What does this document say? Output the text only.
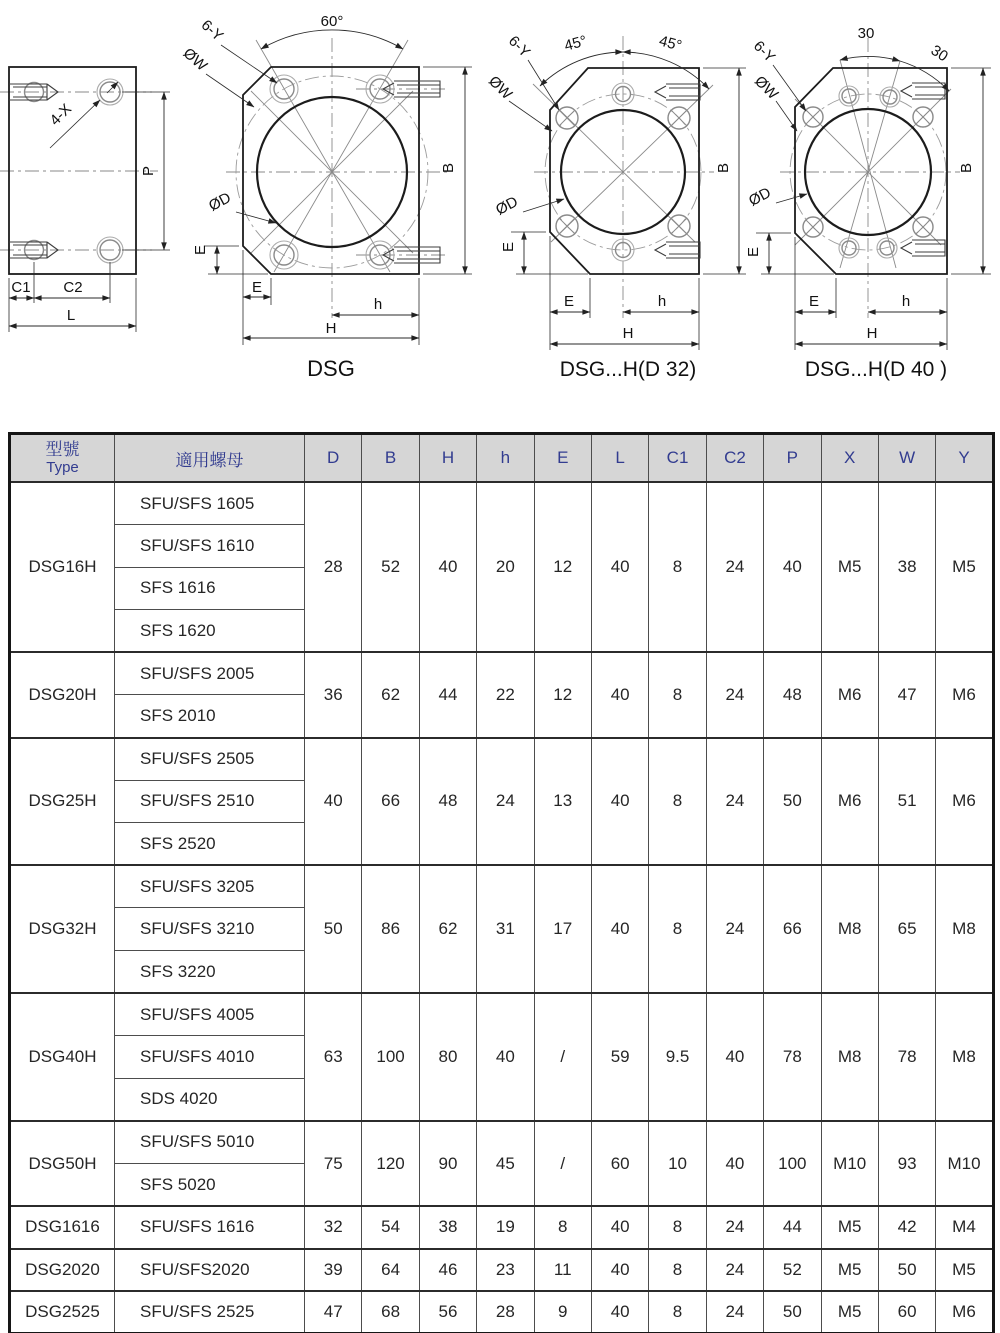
4-X
P
C1 C2
L
60°
6-Y
ØW
ØD
B
E
E
h
H
DSG
45°	45°
6-Y
ØW
ØD
B
E
E	h
H
DSG...H(D 32)
30
30
6-Y
ØW
ØD
B
E
E	h
H
DSG...H(D 40 )
型號
Type	適用螺母	D	B	H	h	E	L	C1	C2	P	X	W	Y
DSG16H	SFU/SFS 1605	28	52	40	20	12	40	8	24	40	M5	38	M5
	SFU/SFS 1610												
	SFS 1616												
	SFS 1620												
DSG20H	SFU/SFS 2005	36	62	44	22	12	40	8	24	48	M6	47	M6
	SFS 2010												
DSG25H	SFU/SFS 2505	40	66	48	24	13	40	8	24	50	M6	51	M6
	SFU/SFS 2510												
	SFS 2520												
DSG32H	SFU/SFS 3205	50	86	62	31	17	40	8	24	66	M8	65	M8
	SFU/SFS 3210												
	SFS 3220												
DSG40H	SFU/SFS 4005	63	100	80	40	/	59	9.5	40	78	M8	78	M8
	SFU/SFS 4010												
	SDS 4020												
DSG50H	SFU/SFS 5010	75	120	90	45	/	60	10	40	100	M10	93	M10
	SFS 5020												
DSG1616	SFU/SFS 1616	32	54	38	19	8	40	8	24	44	M5	42	M4
DSG2020	SFU/SFS2020	39	64	46	23	11	40	8	24	52	M5	50	M5
DSG2525	SFU/SFS 2525	47	68	56	28	9	40	8	24	50	M5	60	M6
